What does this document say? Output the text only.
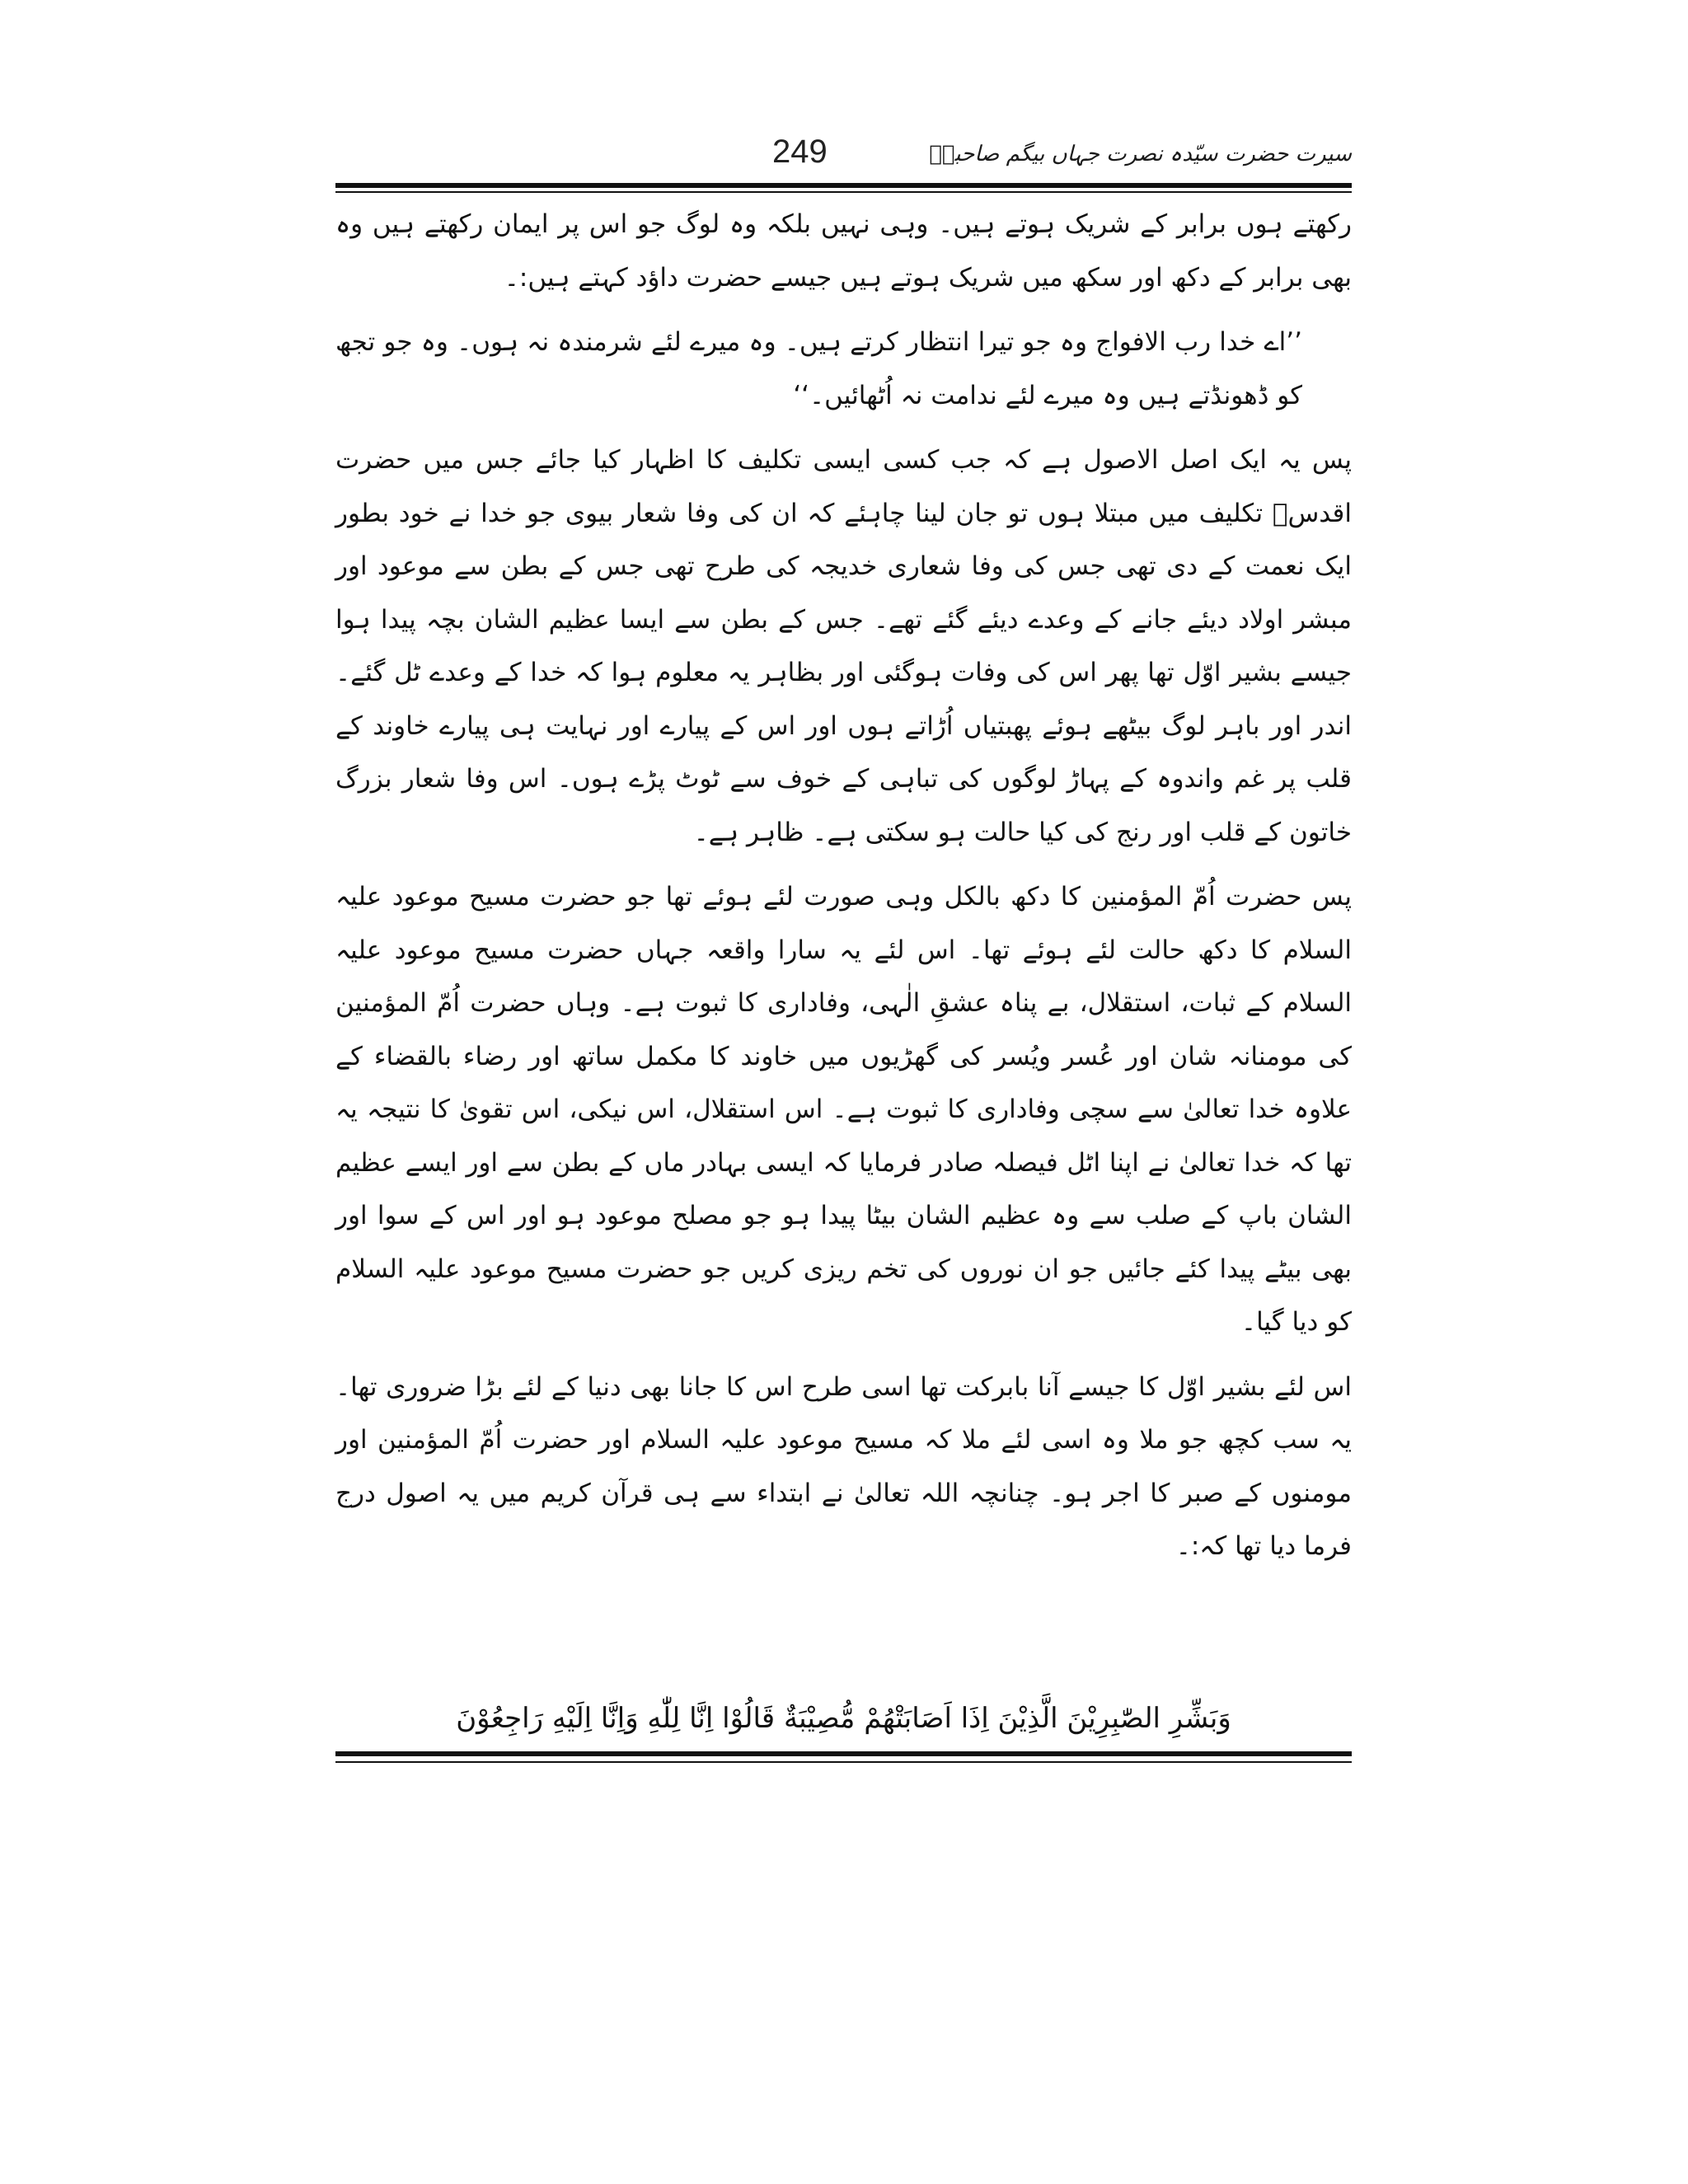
سیرت حضرت سیّدہ نصرت جہاں بیگم صاحبہؓ
249

رکھتے ہوں برابر کے شریک ہوتے ہیں۔ وہی نہیں بلکہ وہ لوگ جو اس پر ایمان رکھتے ہیں وہ بھی برابر کے دکھ اور سکھ میں شریک ہوتے ہیں جیسے حضرت داؤد کہتے ہیں:۔

’’اے خدا رب الافواج وہ جو تیرا انتظار کرتے ہیں۔ وہ میرے لئے شرمندہ نہ ہوں۔ وہ جو تجھ کو ڈھونڈتے ہیں وہ میرے لئے ندامت نہ اُٹھائیں۔‘‘

پس یہ ایک اصل الاصول ہے کہ جب کسی ایسی تکلیف کا اظہار کیا جائے جس میں حضرت اقدسؑ تکلیف میں مبتلا ہوں تو جان لینا چاہئے کہ ان کی وفا شعار بیوی جو خدا نے خود بطور ایک نعمت کے دی تھی جس کی وفا شعاری خدیجہ کی طرح تھی جس کے بطن سے موعود اور مبشر اولاد دیئے جانے کے وعدے دیئے گئے تھے۔ جس کے بطن سے ایسا عظیم الشان بچہ پیدا ہوا جیسے بشیر اوّل تھا پھر اس کی وفات ہوگئی اور بظاہر یہ معلوم ہوا کہ خدا کے وعدے ٹل گئے۔ اندر اور باہر لوگ بیٹھے ہوئے پھبتیاں اُڑاتے ہوں اور اس کے پیارے اور نہایت ہی پیارے خاوند کے قلب پر غم واندوہ کے پہاڑ لوگوں کی تباہی کے خوف سے ٹوٹ پڑے ہوں۔ اس وفا شعار بزرگ خاتون کے قلب اور رنج کی کیا حالت ہو سکتی ہے۔ ظاہر ہے۔

پس حضرت اُمّ المؤمنین کا دکھ بالکل وہی صورت لئے ہوئے تھا جو حضرت مسیح موعود علیہ السلام کا دکھ حالت لئے ہوئے تھا۔ اس لئے یہ سارا واقعہ جہاں حضرت مسیح موعود علیہ السلام کے ثبات، استقلال، بے پناہ عشقِ الٰہی، وفاداری کا ثبوت ہے۔ وہاں حضرت اُمّ المؤمنین کی مومنانہ شان اور عُسر ویُسر کی گھڑیوں میں خاوند کا مکمل ساتھ اور رضاء بالقضاء کے علاوہ خدا تعالیٰ سے سچی وفاداری کا ثبوت ہے۔ اس استقلال، اس نیکی، اس تقویٰ کا نتیجہ یہ تھا کہ خدا تعالیٰ نے اپنا اٹل فیصلہ صادر فرمایا کہ ایسی بہادر ماں کے بطن سے اور ایسے عظیم الشان باپ کے صلب سے وہ عظیم الشان بیٹا پیدا ہو جو مصلح موعود ہو اور اس کے سوا اور بھی بیٹے پیدا کئے جائیں جو ان نوروں کی تخم ریزی کریں جو حضرت مسیح موعود علیہ السلام کو دیا گیا۔

اس لئے بشیر اوّل کا جیسے آنا بابرکت تھا اسی طرح اس کا جانا بھی دنیا کے لئے بڑا ضروری تھا۔ یہ سب کچھ جو ملا وہ اسی لئے ملا کہ مسیح موعود علیہ السلام اور حضرت اُمّ المؤمنین اور مومنوں کے صبر کا اجر ہو۔ چنانچہ اللہ تعالیٰ نے ابتداء سے ہی قرآن کریم میں یہ اصول درج فرما دیا تھا کہ:۔

وَبَشِّرِ الصّٰبِرِيْنَ الَّذِيْنَ اِذَا اَصَابَتْهُمْ مُّصِيْبَةٌ قَالُوْا اِنَّا لِلّٰهِ وَاِنَّا اِلَيْهِ رَاجِعُوْنَ
